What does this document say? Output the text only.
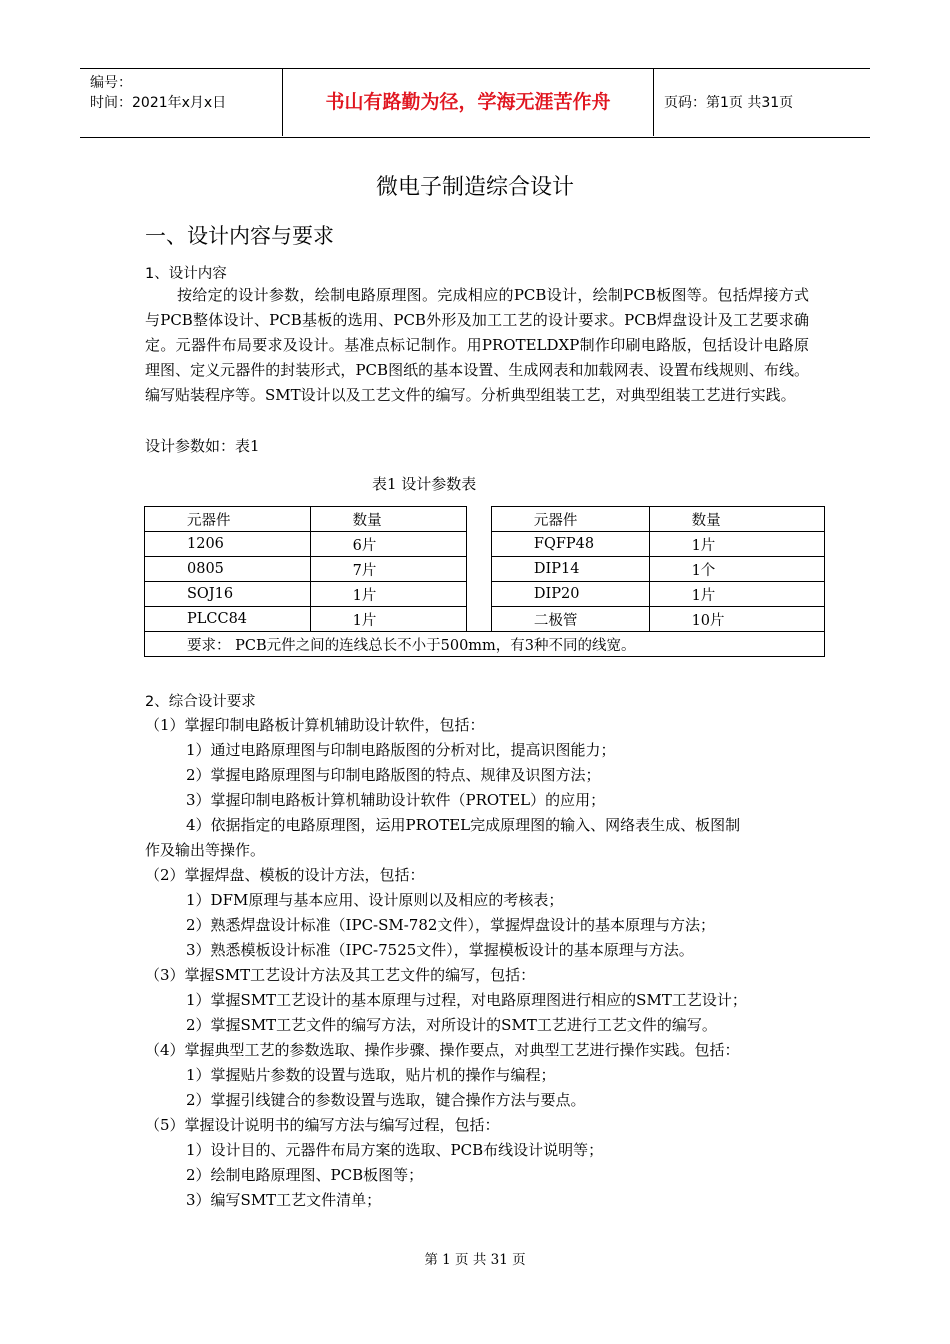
编号：
时间：2021年x月x日	书山有路勤为径，学海无涯苦作舟	页码：第1页 共31页
微电子制造综合设计
一、设计内容与要求
1、设计内容
按给定的设计参数，绘制电路原理图。完成相应的PCB设计，绘制PCB板图等。包括焊接方式与PCB整体设计、PCB基板的选用、PCB外形及加工工艺的设计要求。PCB焊盘设计及工艺要求确定。元器件布局要求及设计。基准点标记制作。用PROTELDXP制作印刷电路版，包括设计电路原理图、定义元器件的封装形式，PCB图纸的基本设置、生成网表和加载网表、设置布线规则、布线。编写贴装程序等。SMT设计以及工艺文件的编写。分析典型组装工艺，对典型组装工艺进行实践。
设计参数如：表1
表1 设计参数表
元器件	数量		元器件	数量
1206	6片		FQFP48	1片
0805	7片		DIP14	1个
SOJ16	1片		DIP20	1片
PLCC84	1片		二极管	10片
要求： PCB元件之间的连线总长不小于500mm，有3种不同的线宽。				
2、综合设计要求
（1）掌握印制电路板计算机辅助设计软件，包括：
1）通过电路原理图与印制电路版图的分析对比，提高识图能力；
2）掌握电路原理图与印制电路版图的特点、规律及识图方法；
3）掌握印制电路板计算机辅助设计软件（PROTEL）的应用；
4）依据指定的电路原理图，运用PROTEL完成原理图的输入、网络表生成、板图制
作及输出等操作。
（2）掌握焊盘、模板的设计方法，包括：
1）DFM原理与基本应用、设计原则以及相应的考核表；
2）熟悉焊盘设计标准（IPC-SM-782文件），掌握焊盘设计的基本原理与方法；
3）熟悉模板设计标准（IPC-7525文件），掌握模板设计的基本原理与方法。
（3）掌握SMT工艺设计方法及其工艺文件的编写，包括：
1）掌握SMT工艺设计的基本原理与过程，对电路原理图进行相应的SMT工艺设计；
2）掌握SMT工艺文件的编写方法，对所设计的SMT工艺进行工艺文件的编写。
（4）掌握典型工艺的参数选取、操作步骤、操作要点，对典型工艺进行操作实践。包括：
1）掌握贴片参数的设置与选取，贴片机的操作与编程；
2）掌握引线键合的参数设置与选取，键合操作方法与要点。
（5）掌握设计说明书的编写方法与编写过程，包括：
1）设计目的、元器件布局方案的选取、PCB布线设计说明等；
2）绘制电路原理图、PCB板图等；
3）编写SMT工艺文件清单；
第 1 页 共 31 页
